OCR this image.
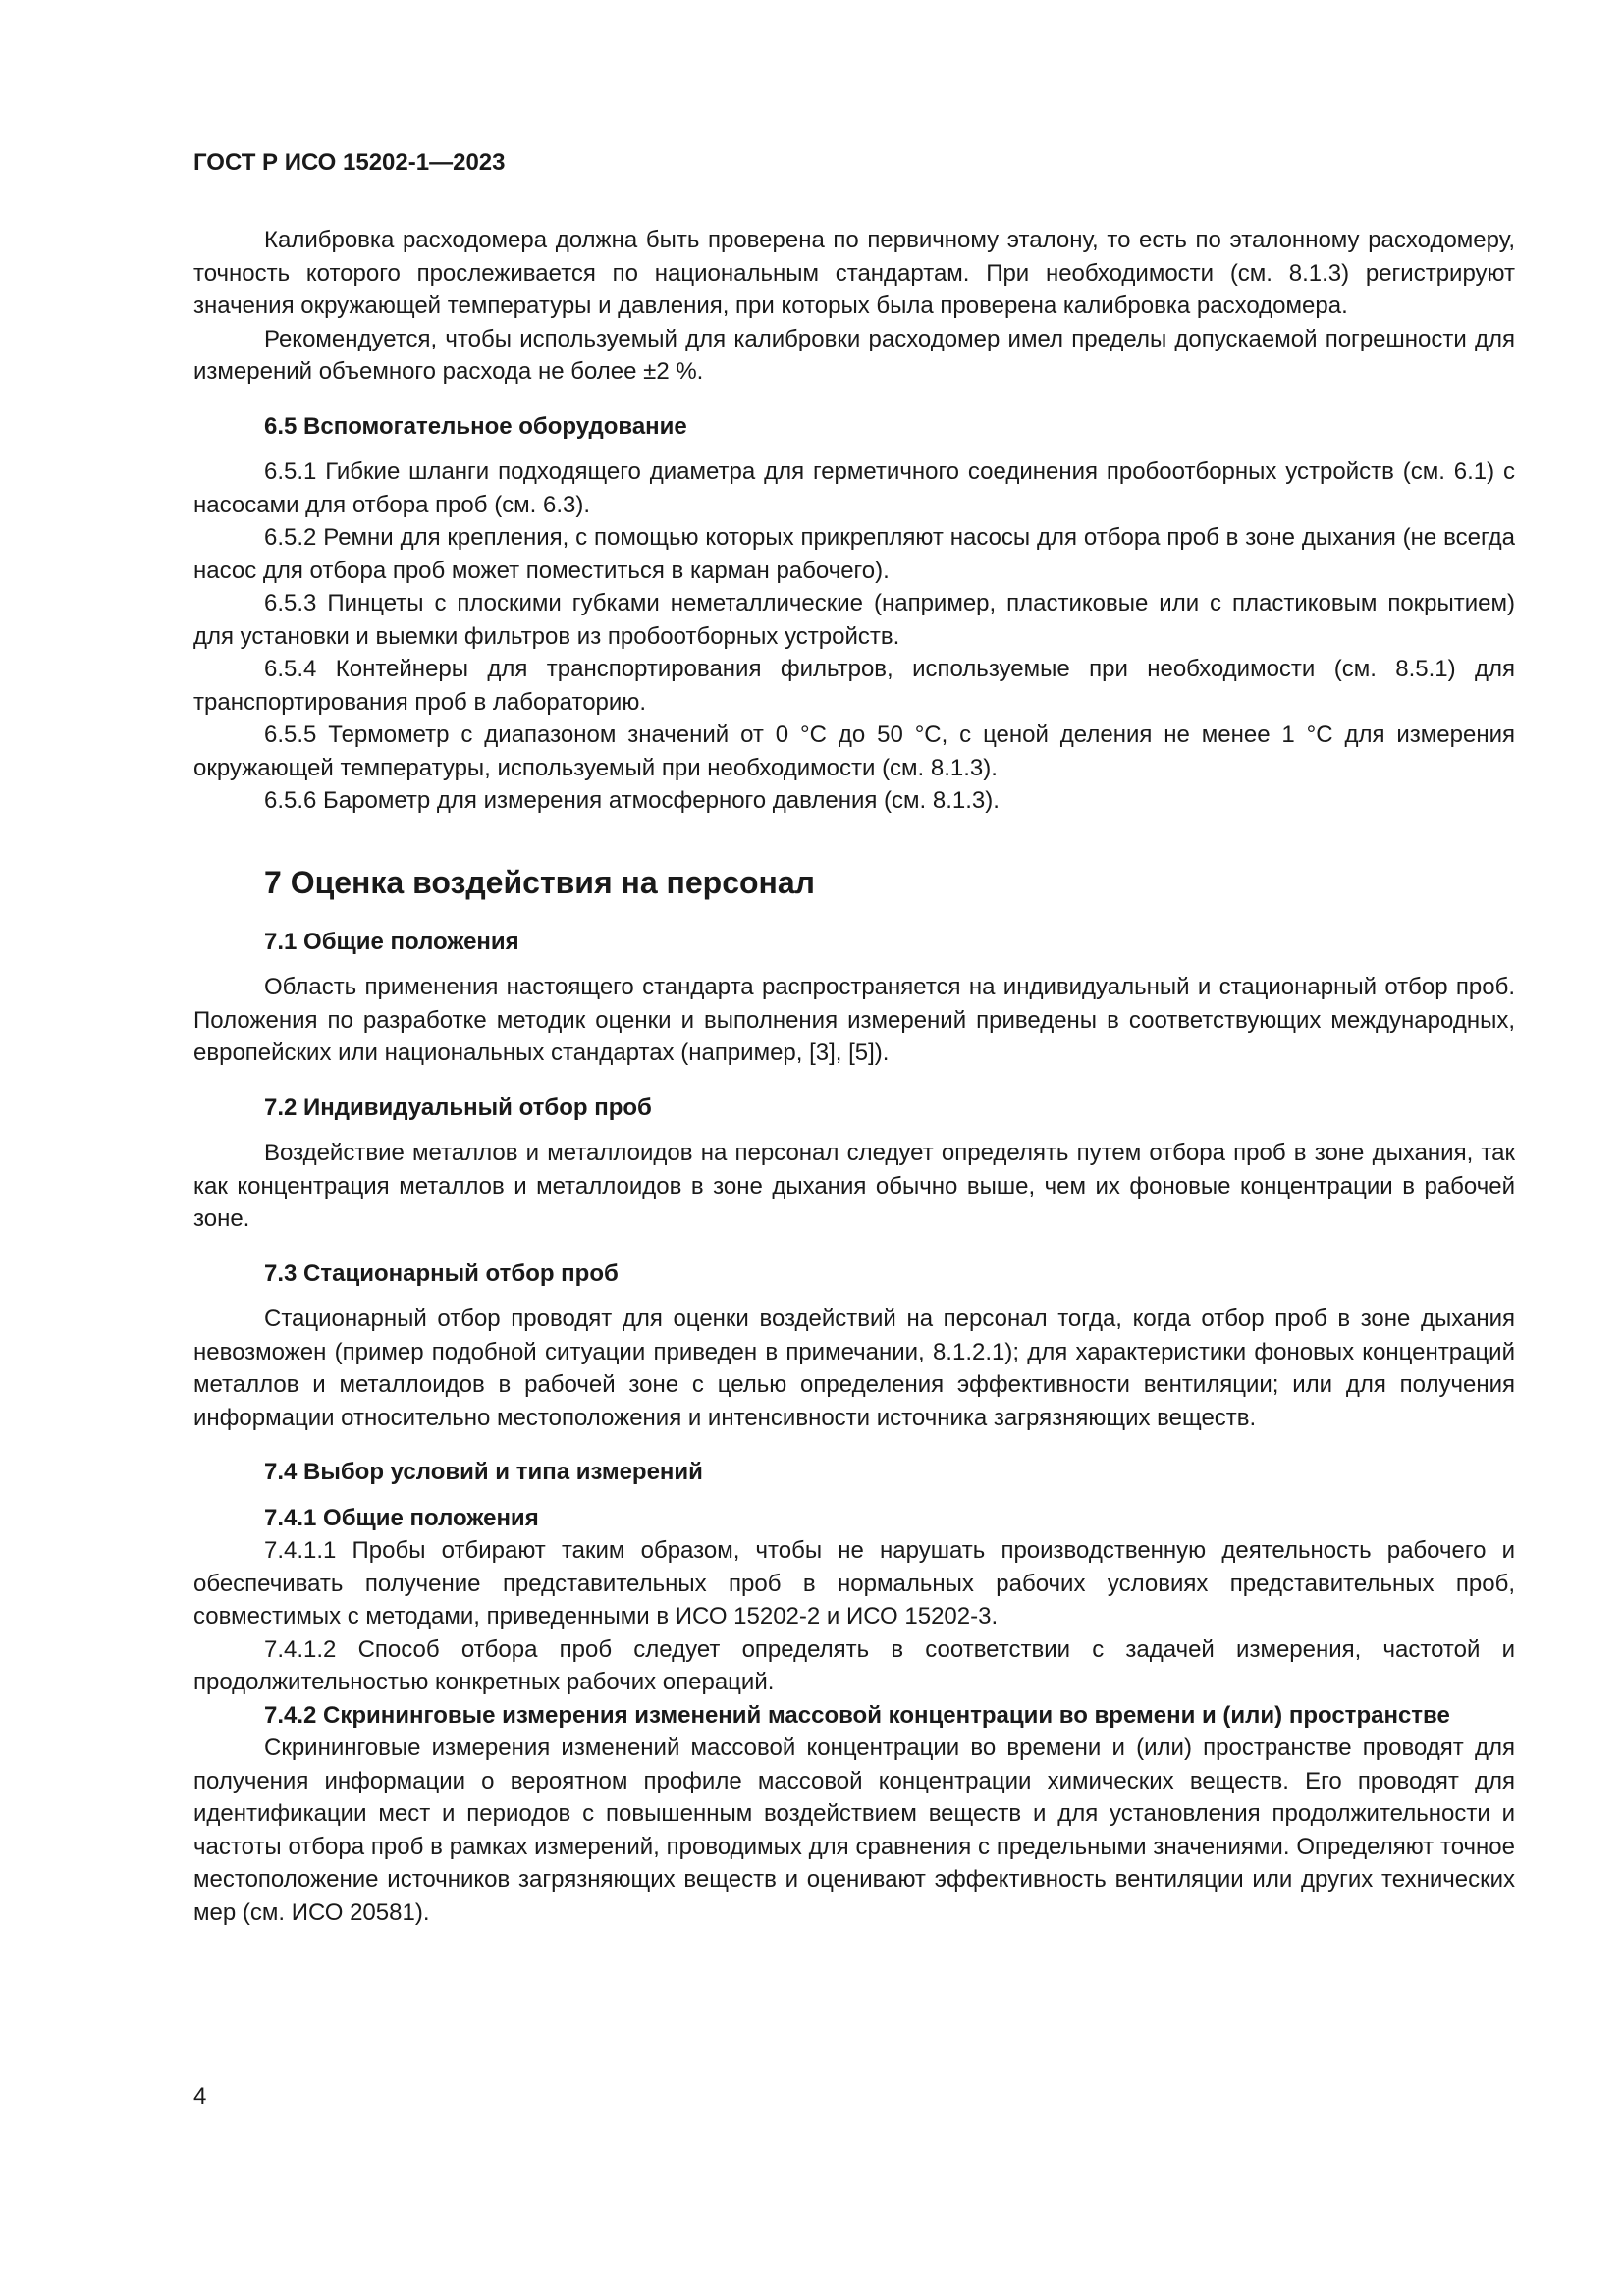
ГОСТ Р ИСО 15202-1—2023

Калибровка расходомера должна быть проверена по первичному эталону, то есть по эталонному расходомеру, точность которого прослеживается по национальным стандартам. При необходимости (см. 8.1.3) регистрируют значения окружающей температуры и давления, при которых была проверена калибровка расходомера.

Рекомендуется, чтобы используемый для калибровки расходомер имел пределы допускаемой погрешности для измерений объемного расхода не более ±2 %.

6.5 Вспомогательное оборудование

6.5.1 Гибкие шланги подходящего диаметра для герметичного соединения пробоотборных устройств (см. 6.1) с насосами для отбора проб (см. 6.3).

6.5.2 Ремни для крепления, с помощью которых прикрепляют насосы для отбора проб в зоне дыхания (не всегда насос для отбора проб может поместиться в карман рабочего).

6.5.3 Пинцеты с плоскими губками неметаллические (например, пластиковые или с пластиковым покрытием) для установки и выемки фильтров из пробоотборных устройств.

6.5.4 Контейнеры для транспортирования фильтров, используемые при необходимости (см. 8.5.1) для транспортирования проб в лабораторию.

6.5.5 Термометр с диапазоном значений от 0 °C до 50 °C, с ценой деления не менее 1 °C для измерения окружающей температуры, используемый при необходимости (см. 8.1.3).

6.5.6 Барометр для измерения атмосферного давления (см. 8.1.3).

7 Оценка воздействия на персонал
7.1 Общие положения

Область применения настоящего стандарта распространяется на индивидуальный и стационарный отбор проб. Положения по разработке методик оценки и выполнения измерений приведены в соответствующих международных, европейских или национальных стандартах (например, [3], [5]).

7.2 Индивидуальный отбор проб

Воздействие металлов и металлоидов на персонал следует определять путем отбора проб в зоне дыхания, так как концентрация металлов и металлоидов в зоне дыхания обычно выше, чем их фоновые концентрации в рабочей зоне.

7.3 Стационарный отбор проб

Стационарный отбор проводят для оценки воздействий на персонал тогда, когда отбор проб в зоне дыхания невозможен (пример подобной ситуации приведен в примечании, 8.1.2.1); для характеристики фоновых концентраций металлов и металлоидов в рабочей зоне с целью определения эффективности вентиляции; или для получения информации относительно местоположения и интенсивности источника загрязняющих веществ.

7.4 Выбор условий и типа измерений
7.4.1 Общие положения

7.4.1.1 Пробы отбирают таким образом, чтобы не нарушать производственную деятельность рабочего и обеспечивать получение представительных проб в нормальных рабочих условиях представительных проб, совместимых с методами, приведенными в ИСО 15202-2 и ИСО 15202-3.

7.4.1.2 Способ отбора проб следует определять в соответствии с задачей измерения, частотой и продолжительностью конкретных рабочих операций.

7.4.2 Скрининговые измерения изменений массовой концентрации во времени и (или) пространстве

Скрининговые измерения изменений массовой концентрации во времени и (или) пространстве проводят для получения информации о вероятном профиле массовой концентрации химических веществ. Его проводят для идентификации мест и периодов с повышенным воздействием веществ и для установления продолжительности и частоты отбора проб в рамках измерений, проводимых для сравнения с предельными значениями. Определяют точное местоположение источников загрязняющих веществ и оценивают эффективность вентиляции или других технических мер (см. ИСО 20581).

4
